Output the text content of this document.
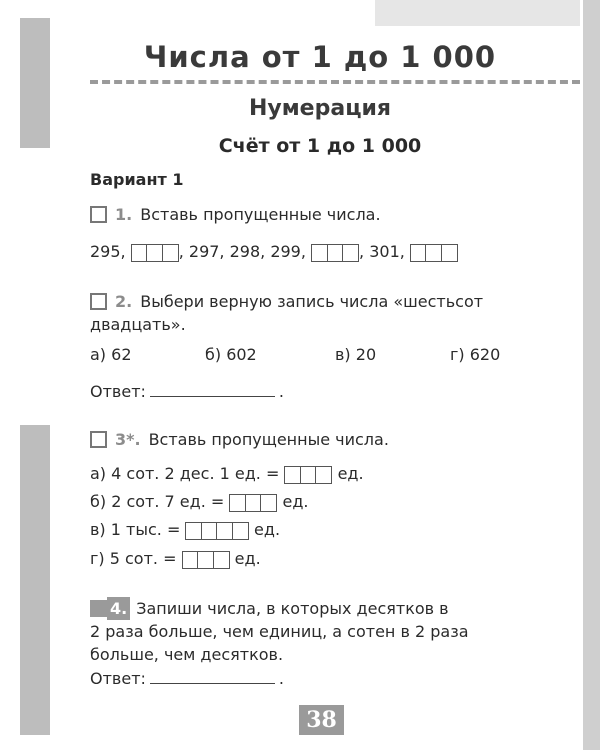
Числа от 1 до 1 000
Нумерация
Счёт от 1 до 1 000
Вариант 1
1. Вставь пропущенные числа.
295,	, 297, 298, 299,	, 301,
2. Выбери верную запись числа «шестьсот
двадцать».
а) 62	б) 602	в) 20	г) 620
Ответ:	.
3*. Вставь пропущенные числа.
а) 4 сот. 2 дес. 1 ед. =	ед.
б) 2 сот. 7 ед. =	ед.
в) 1 тыс. =	ед.
г) 5 сот. =	ед.
4. Запиши числа, в которых десятков в
2 раза больше, чем единиц, а сотен в 2 раза
больше, чем десятков.
Ответ:	.
38
